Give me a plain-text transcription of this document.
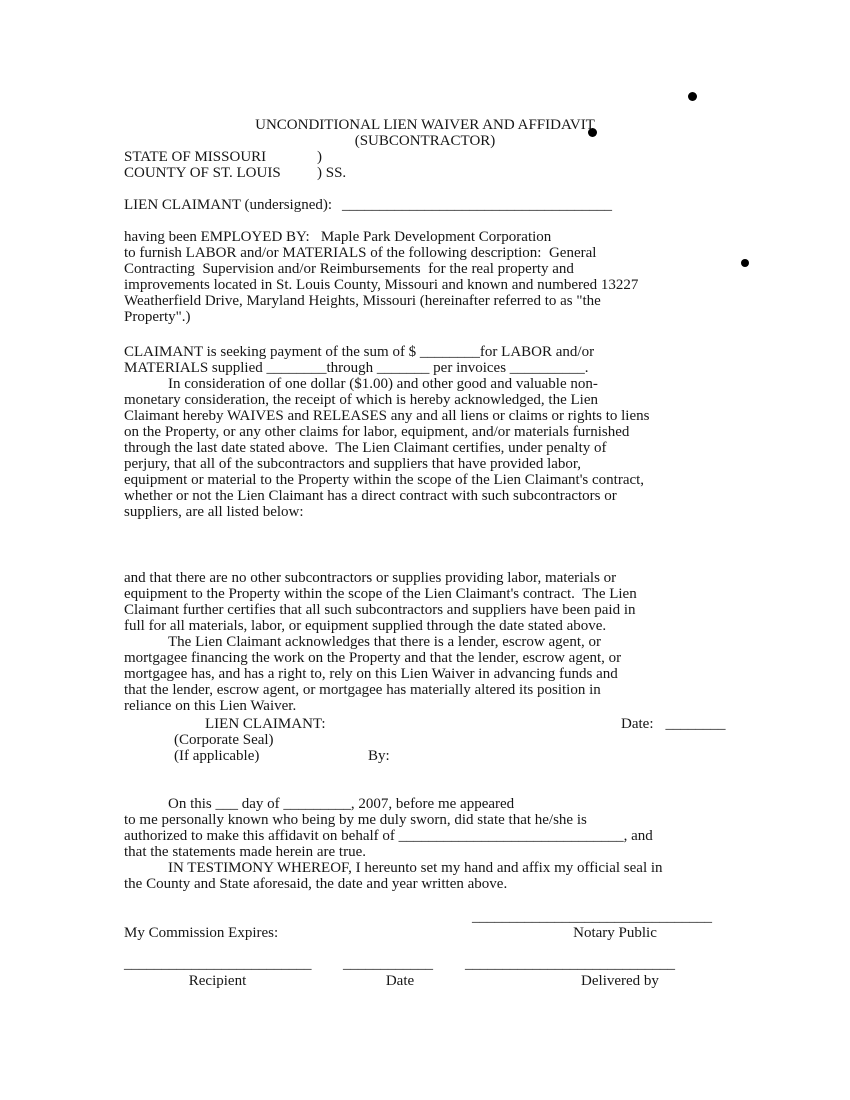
UNCONDITIONAL LIEN WAIVER AND AFFIDAVIT
(SUBCONTRACTOR)
STATE OF MISSOURI	)
COUNTY OF ST. LOUIS ) SS.
LIEN CLAIMANT (undersigned): ____________________________________
having been EMPLOYED BY:   Maple Park Development Corporation
to furnish LABOR and/or MATERIALS of the following description:  General
Contracting  Supervision and/or Reimbursements  for the real property and
improvements located in St. Louis County, Missouri and known and numbered 13227
Weatherfield Drive, Maryland Heights, Missouri (hereinafter referred to as "the
Property".)
CLAIMANT is seeking payment of the sum of $ ________for LABOR and/or
MATERIALS supplied ________through _______ per invoices __________.
In consideration of one dollar ($1.00) and other good and valuable non-
monetary consideration, the receipt of which is hereby acknowledged, the Lien
Claimant hereby WAIVES and RELEASES any and all liens or claims or rights to liens
on the Property, or any other claims for labor, equipment, and/or materials furnished
through the last date stated above.  The Lien Claimant certifies, under penalty of
perjury, that all of the subcontractors and suppliers that have provided labor,
equipment or material to the Property within the scope of the Lien Claimant's contract,
whether or not the Lien Claimant has a direct contract with such subcontractors or
suppliers, are all listed below:
and that there are no other subcontractors or supplies providing labor, materials or
equipment to the Property within the scope of the Lien Claimant's contract.  The Lien
Claimant further certifies that all such subcontractors and suppliers have been paid in
full for all materials, labor, or equipment supplied through the date stated above.
The Lien Claimant acknowledges that there is a lender, escrow agent, or
mortgagee financing the work on the Property and that the lender, escrow agent, or
mortgagee has, and has a right to, rely on this Lien Waiver in advancing funds and
that the lender, escrow agent, or mortgagee has materially altered its position in
reliance on this Lien Waiver.
LIEN CLAIMANT:	Date: ________
(Corporate Seal)
(If applicable)	By:
On this ___ day of _________, 2007, before me appeared
to me personally known who being by me duly sworn, did state that he/she is
authorized to make this affidavit on behalf of ______________________________, and
that the statements made herein are true.
IN TESTIMONY WHEREOF, I hereunto set my hand and affix my official seal in
the County and State aforesaid, the date and year written above.
________________________________
My Commission Expires:	Notary Public
_________________________ ____________ ____________________________
Recipient	Date	Delivered by
